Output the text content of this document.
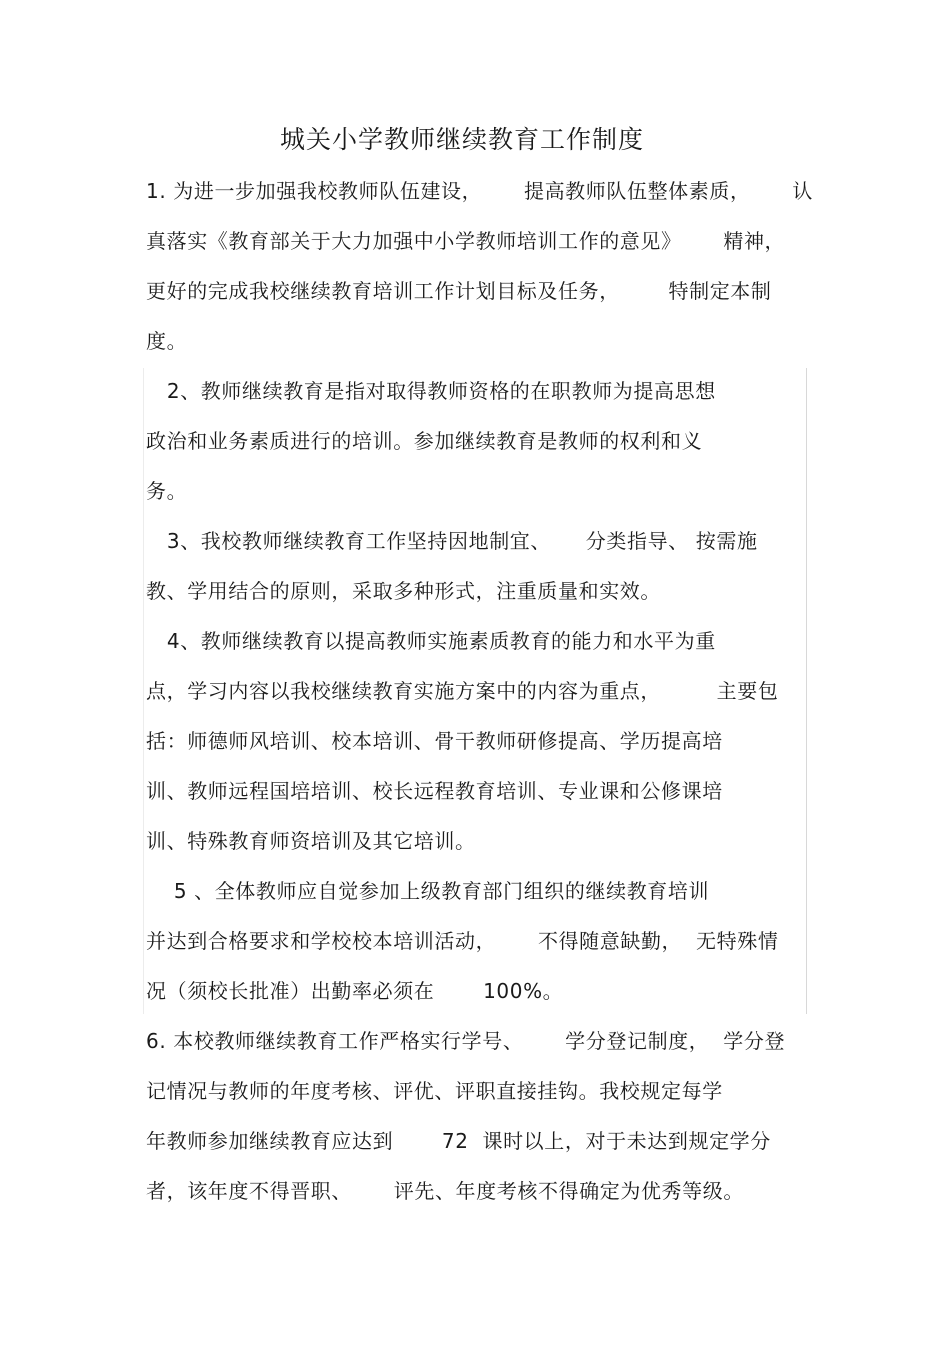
城关小学教师继续教育工作制度
1. 为进一步加强我校教师队伍建设，      提高教师队伍整体素质，      认
真落实《教育部关于大力加强中小学教师培训工作的意见》      精神，
更好的完成我校继续教育培训工作计划目标及任务，       特制定本制
度。
2、教师继续教育是指对取得教师资格的在职教师为提高思想
政治和业务素质进行的培训。参加继续教育是教师的权利和义
务。
3、我校教师继续教育工作坚持因地制宜、     分类指导、 按需施
教、学用结合的原则，采取多种形式，注重质量和实效。
4、教师继续教育以提高教师实施素质教育的能力和水平为重
点，学习内容以我校继续教育实施方案中的内容为重点，        主要包
括：师德师风培训、校本培训、骨干教师研修提高、学历提高培
训、教师远程国培培训、校长远程教育培训、专业课和公修课培
训、特殊教育师资培训及其它培训。
5 、全体教师应自觉参加上级教育部门组织的继续教育培训
并达到合格要求和学校校本培训活动，      不得随意缺勤，  无特殊情
况（须校长批准）出勤率必须在       100%。
6. 本校教师继续教育工作严格实行学号、      学分登记制度，  学分登
记情况与教师的年度考核、评优、评职直接挂钩。我校规定每学
年教师参加继续教育应达到       72  课时以上，对于未达到规定学分
者，该年度不得晋职、      评先、年度考核不得确定为优秀等级。
